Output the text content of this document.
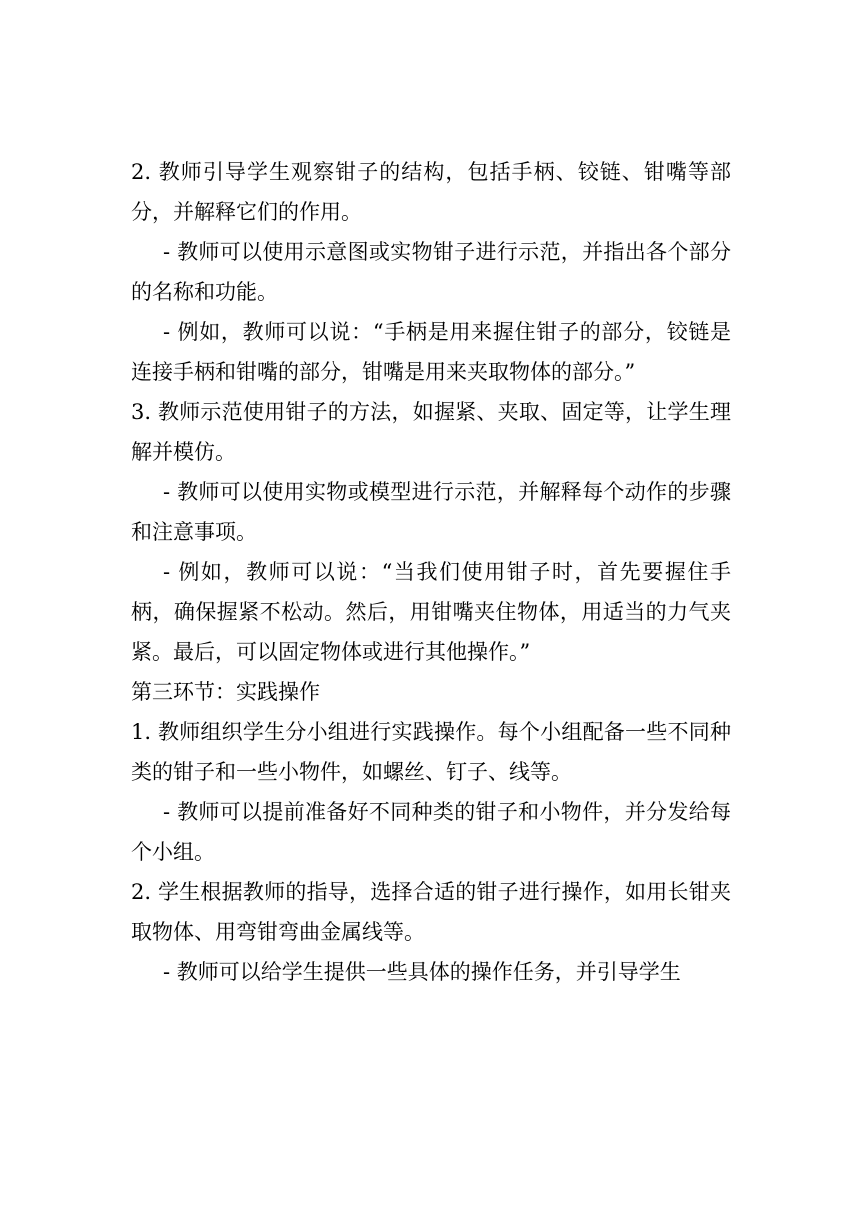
2. 教师引导学生观察钳子的结构，包括手柄、铰链、钳嘴等部分，并解释它们的作用。

- 教师可以使用示意图或实物钳子进行示范，并指出各个部分的名称和功能。

- 例如，教师可以说：“手柄是用来握住钳子的部分，铰链是连接手柄和钳嘴的部分，钳嘴是用来夹取物体的部分。”

3. 教师示范使用钳子的方法，如握紧、夹取、固定等，让学生理解并模仿。

- 教师可以使用实物或模型进行示范，并解释每个动作的步骤和注意事项。

- 例如，教师可以说：“当我们使用钳子时，首先要握住手柄，确保握紧不松动。然后，用钳嘴夹住物体，用适当的力气夹紧。最后，可以固定物体或进行其他操作。”

第三环节：实践操作

1. 教师组织学生分小组进行实践操作。每个小组配备一些不同种类的钳子和一些小物件，如螺丝、钉子、线等。

- 教师可以提前准备好不同种类的钳子和小物件，并分发给每个小组。

2. 学生根据教师的指导，选择合适的钳子进行操作，如用长钳夹取物体、用弯钳弯曲金属线等。

- 教师可以给学生提供一些具体的操作任务，并引导学生
